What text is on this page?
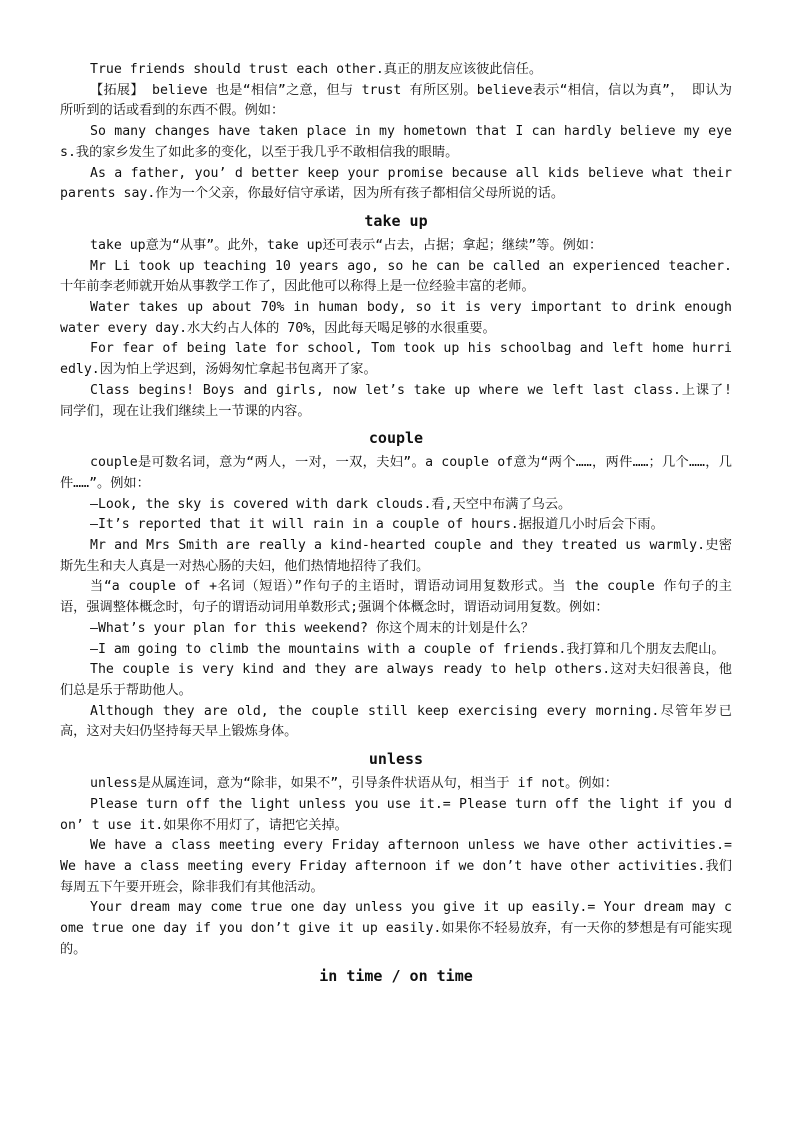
True friends should trust each other.真正的朋友应该彼此信任。

【拓展】 believe 也是“相信”之意，但与 trust 有所区别。believe表示“相信，信以为真”， 即认为所听到的话或看到的东西不假。例如：

So many changes have taken place in my hometown that I can hardly believe my eyes.我的家乡发生了如此多的变化，以至于我几乎不敢相信我的眼睛。

As a father, you’ d better keep your promise because all kids believe what their parents say.作为一个父亲，你最好信守承诺，因为所有孩子都相信父母所说的话。

take up

take up意为“从事”。此外，take up还可表示“占去，占据；拿起；继续”等。例如：

Mr Li took up teaching 10 years ago, so he can be called an experienced teacher.十年前李老师就开始从事教学工作了，因此他可以称得上是一位经验丰富的老师。

Water takes up about 70% in human body, so it is very important to drink enough water every day.水大约占人体的 70%，因此每天喝足够的水很重要。

For fear of being late for school, Tom took up his schoolbag and left home hurriedly.因为怕上学迟到，汤姆匆忙拿起书包离开了家。

Class begins! Boys and girls, now let’s take up where we left last class.上课了! 同学们，现在让我们继续上一节课的内容。

couple

couple是可数名词，意为“两人，一对，一双，夫妇”。a couple of意为“两个……，两件……；几个……，几件……”。例如：

—Look, the sky is covered with dark clouds.看,天空中布满了乌云。

—It’s reported that it will rain in a couple of hours.据报道几小时后会下雨。

Mr and Mrs Smith are really a kind-hearted couple and they treated us warmly.史密斯先生和夫人真是一对热心肠的夫妇，他们热情地招待了我们。

当“a couple of +名词（短语）”作句子的主语时，谓语动词用复数形式。当 the couple 作句子的主语，强调整体概念时，句子的谓语动词用单数形式;强调个体概念时，谓语动词用复数。例如：

—What’s your plan for this weekend? 你这个周末的计划是什么？

—I am going to climb the mountains with a couple of friends.我打算和几个朋友去爬山。

The couple is very kind and they are always ready to help others.这对夫妇很善良，他们总是乐于帮助他人。

Although they are old, the couple still keep exercising every morning.尽管年岁已高，这对夫妇仍坚持每天早上锻炼身体。

unless

unless是从属连词，意为“除非，如果不”，引导条件状语从句，相当于 if not。例如：

Please turn off the light unless you use it.= Please turn off the light if you don’ t use it.如果你不用灯了，请把它关掉。

We have a class meeting every Friday afternoon unless we have other activities.= We have a class meeting every Friday afternoon if we don’t have other activities.我们每周五下午要开班会，除非我们有其他活动。

Your dream may come true one day unless you give it up easily.= Your dream may come true one day if you don’t give it up easily.如果你不轻易放弃，有一天你的梦想是有可能实现的。

in time / on time
